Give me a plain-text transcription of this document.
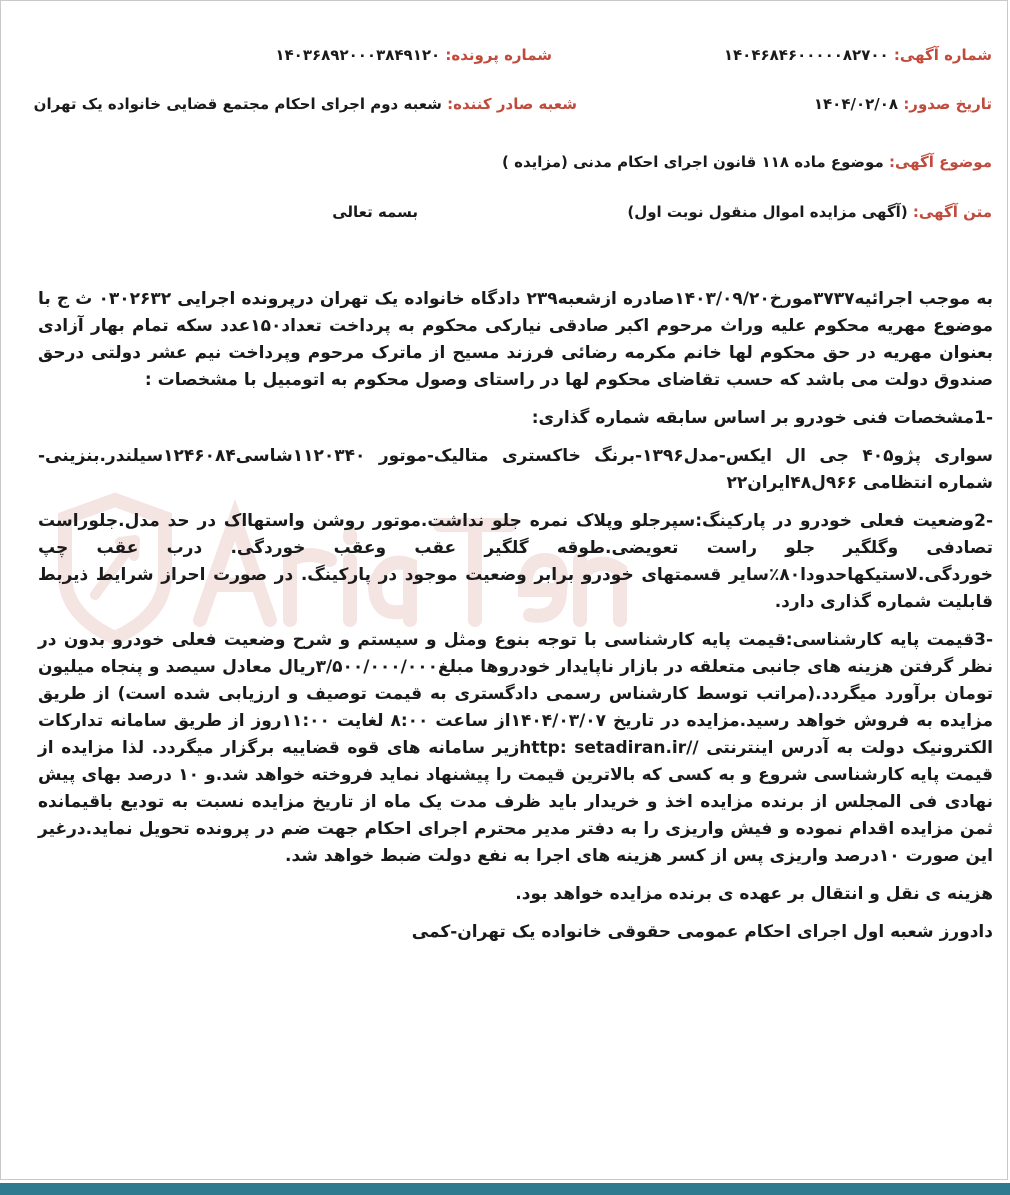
شماره آگهی: ۱۴۰۴۶۸۴۶۰۰۰۰۰۸۲۷۰۰
شماره پرونده: ۱۴۰۳۶۸۹۲۰۰۰۳۸۴۹۱۲۰
تاریخ صدور: ۱۴۰۴/۰۲/۰۸
شعبه صادر کننده: شعبه دوم اجرای احکام مجتمع قضایی خانواده یک تهران
موضوع آگهی: موضوع ماده ۱۱۸ قانون اجرای احکام مدنی (مزایده )
متن آگهی: (آگهی مزایده اموال منقول نوبت اول)
بسمه تعالی

به موجب اجرائیه۳۷۳۷مورخ۱۴۰۳/۰۹/۲۰صادره ازشعبه۲۳۹ دادگاه خانواده یک تهران درپرونده اجرایی ۰۳۰۲۶۳۲ ث ج با موضوع مهریه محکوم علیه وراث مرحوم اکبر صادقی نیارکی محکوم به پرداخت تعداد۱۵۰عدد سکه تمام بهار آزادی بعنوان مهریه در حق محکوم لها خانم مکرمه رضائی فرزند مسیح از ماترک مرحوم وپرداخت نیم عشر دولتی درحق صندوق دولت می باشد که حسب تقاضای محکوم لها در راستای وصول محکوم به اتومبیل با مشخصات :

-1مشخصات فنی خودرو بر اساس سابقه شماره گذاری:

سواری پژو۴۰۵ جی ال ایکس-مدل۱۳۹۶-برنگ خاکستری متالیک-موتور ۱۱۲۰۳۴۰شاسی۱۲۴۶۰۸۴سیلندر.بنزینی-شماره انتظامی ۹۶۶ل۴۸ایران۲۲

-2وضعیت فعلی خودرو در پارکینگ:سپرجلو وپلاک نمره جلو نداشت.موتور روشن واستهااک در حد مدل.جلوراست تصادفی وگلگیر جلو راست تعویضی.طوقه گلگیر عقب وعقب خوردگی. درب عقب چپ خوردگی.لاستیکهاحدودا۸۰٪سایر قسمتهای خودرو برابر وضعیت موجود در پارکینگ. در صورت احراز شرایط ذیربط قابلیت شماره گذاری دارد.

-3قیمت پایه کارشناسی:قیمت پایه کارشناسی با توجه بنوع ومثل و سیستم و شرح وضعیت فعلی خودرو بدون در نظر گرفتن هزینه های جانبی متعلقه در بازار ناپایدار خودروها مبلغ۳/۵۰۰/۰۰۰/۰۰۰ریال معادل سیصد و پنجاه میلیون تومان برآورد میگردد.(مراتب توسط کارشناس رسمی دادگستری به قیمت توصیف و ارزیابی شده است) از طریق مزایده به فروش خواهد رسید.مزایده در تاریخ ۱۴۰۴/۰۳/۰۷از ساعت ۸:۰۰ لغایت ۱۱:۰۰روز از طریق سامانه تدارکات الکترونیک دولت به آدرس اینترنتی http: setadiran.ir//زیر سامانه های قوه قضاییه برگزار میگردد. لذا مزایده از قیمت پایه کارشناسی شروع و به کسی که بالاترین قیمت را پیشنهاد نماید فروخته خواهد شد.و ۱۰ درصد بهای پیش نهادی فی المجلس از برنده مزایده اخذ و خریدار باید ظرف مدت یک ماه از تاریخ مزایده نسبت به تودیع باقیمانده ثمن مزایده اقدام نموده و فیش واریزی را به دفتر مدیر محترم اجرای احکام جهت ضم در پرونده تحویل نماید.درغیر این صورت ۱۰درصد واریزی پس از کسر هزینه های اجرا به نفع دولت ضبط خواهد شد.

هزینه ی نقل و انتقال بر عهده ی برنده مزایده خواهد بود.

دادورز شعبه اول اجرای احکام عمومی حقوقی خانواده یک تهران-کمی
